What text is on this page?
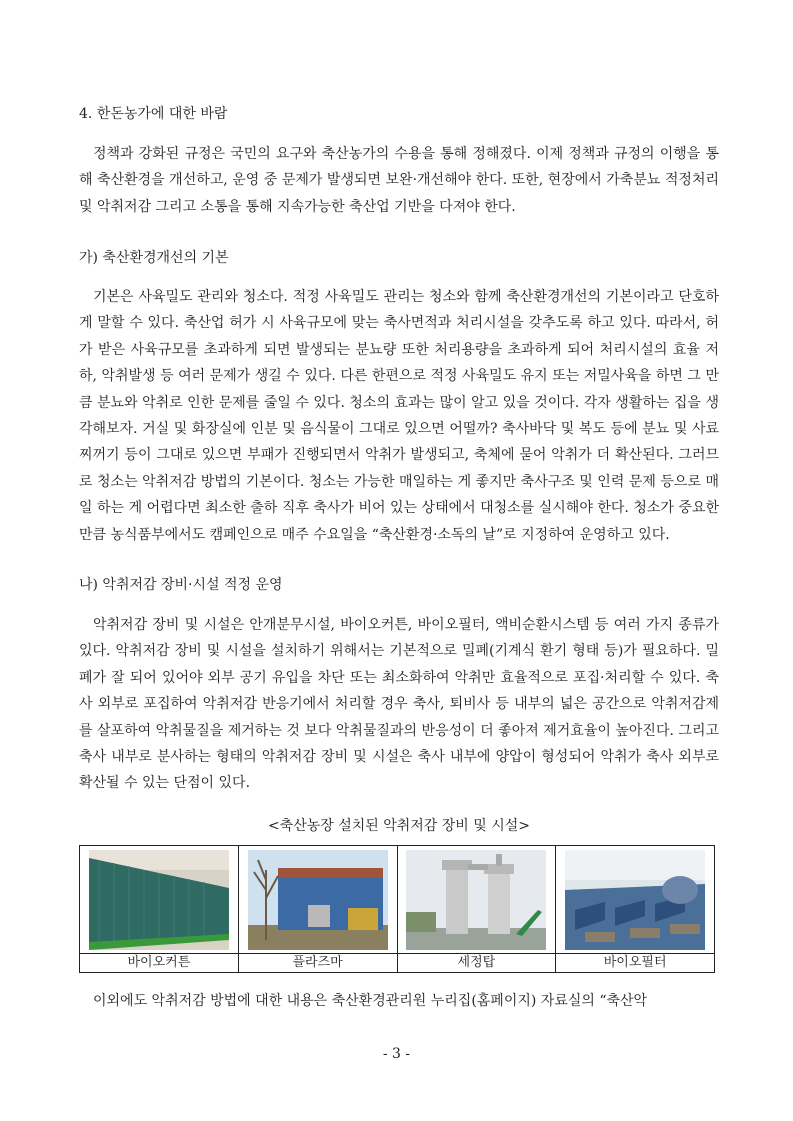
4. 한돈농가에 대한 바람

정책과 강화된 규정은 국민의 요구와 축산농가의 수용을 통해 정해졌다. 이제 정책과 규정의 이행을 통해 축산환경을 개선하고, 운영 중 문제가 발생되면 보완·개선해야 한다. 또한, 현장에서 가축분뇨 적정처리 및 악취저감 그리고 소통을 통해 지속가능한 축산업 기반을 다져야 한다.

가) 축산환경개선의 기본

기본은 사육밀도 관리와 청소다. 적정 사육밀도 관리는 청소와 함께 축산환경개선의 기본이라고 단호하게 말할 수 있다. 축산업 허가 시 사육규모에 맞는 축사면적과 처리시설을 갖추도록 하고 있다. 따라서, 허가 받은 사육규모를 초과하게 되면 발생되는 분뇨량 또한 처리용량을 초과하게 되어 처리시설의 효율 저하, 악취발생 등 여러 문제가 생길 수 있다. 다른 한편으로 적정 사육밀도 유지 또는 저밀사육을 하면 그 만큼 분뇨와 악취로 인한 문제를 줄일 수 있다. 청소의 효과는 많이 알고 있을 것이다. 각자 생활하는 집을 생각해보자. 거실 및 화장실에 인분 및 음식물이 그대로 있으면 어떨까? 축사바닥 및 복도 등에 분뇨 및 사료찌꺼기 등이 그대로 있으면 부패가 진행되면서 악취가 발생되고, 축체에 묻어 악취가 더 확산된다. 그러므로 청소는 악취저감 방법의 기본이다. 청소는 가능한 매일하는 게 좋지만 축사구조 및 인력 문제 등으로 매일 하는 게 어렵다면 최소한 출하 직후 축사가 비어 있는 상태에서 대청소를 실시해야 한다. 청소가 중요한 만큼 농식품부에서도 캠페인으로 매주 수요일을 “축산환경·소독의 날”로 지정하여 운영하고 있다.

나) 악취저감 장비·시설 적정 운영

악취저감 장비 및 시설은 안개분무시설, 바이오커튼, 바이오필터, 액비순환시스템 등 여러 가지 종류가 있다. 악취저감 장비 및 시설을 설치하기 위해서는 기본적으로 밀폐(기계식 환기 형태 등)가 필요하다. 밀폐가 잘 되어 있어야 외부 공기 유입을 차단 또는 최소화하여 악취만 효율적으로 포집·처리할 수 있다. 축사 외부로 포집하여 악취저감 반응기에서 처리할 경우 축사, 퇴비사 등 내부의 넓은 공간으로 악취저감제를 살포하여 악취물질을 제거하는 것 보다 악취물질과의 반응성이 더 좋아져 제거효율이 높아진다. 그리고 축사 내부로 분사하는 형태의 악취저감 장비 및 시설은 축사 내부에 양압이 형성되어 악취가 축사 외부로 확산될 수 있는 단점이 있다.

<축산농장 설치된 악취저감 장비 및 시설>

바이오커튼	플라즈마	세정탑	바이오필터

이외에도 악취저감 방법에 대한 내용은 축산환경관리원 누리집(홈페이지) 자료실의 “축산악

- 3 -
